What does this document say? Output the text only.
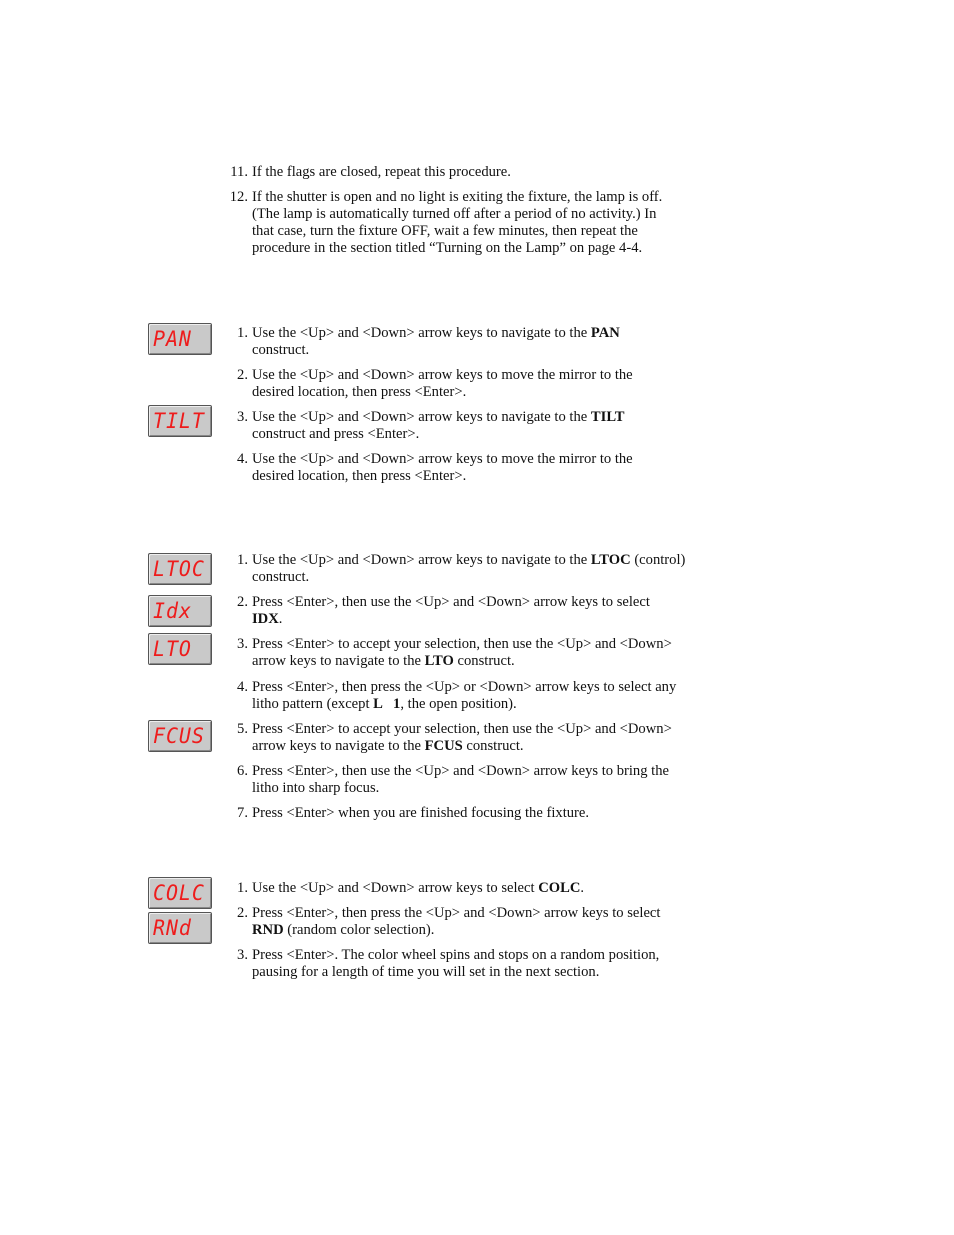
11. If the flags are closed, repeat this procedure.
12. If the shutter is open and no light is exiting the fixture, the lamp is off.
(The lamp is automatically turned off after a period of no activity.) In
that case, turn the fixture OFF, wait a few minutes, then repeat the
procedure in the section titled “Turning on the Lamp” on page 4-4.
PAN
TILT
1. Use the <Up> and <Down> arrow keys to navigate to the PAN
construct.
2. Use the <Up> and <Down> arrow keys to move the mirror to the
desired location, then press <Enter>.
3. Use the <Up> and <Down> arrow keys to navigate to the TILT
construct and press <Enter>.
4. Use the <Up> and <Down> arrow keys to move the mirror to the
desired location, then press <Enter>.
LTOC
Idx
LTO
FCUS
1. Use the <Up> and <Down> arrow keys to navigate to the LTOC (control)
construct.
2. Press <Enter>, then use the <Up> and <Down> arrow keys to select
IDX.
3. Press <Enter> to accept your selection, then use the <Up> and <Down>
arrow keys to navigate to the LTO construct.
4. Press <Enter>, then press the <Up> or <Down> arrow keys to select any
litho pattern (except L   1, the open position).
5. Press <Enter> to accept your selection, then use the <Up> and <Down>
arrow keys to navigate to the FCUS construct.
6. Press <Enter>, then use the <Up> and <Down> arrow keys to bring the
litho into sharp focus.
7. Press <Enter> when you are finished focusing the fixture.
COLC
RNd
1. Use the <Up> and <Down> arrow keys to select COLC.
2. Press <Enter>, then press the <Up> and <Down> arrow keys to select
RND (random color selection).
3. Press <Enter>. The color wheel spins and stops on a random position,
pausing for a length of time you will set in the next section.
